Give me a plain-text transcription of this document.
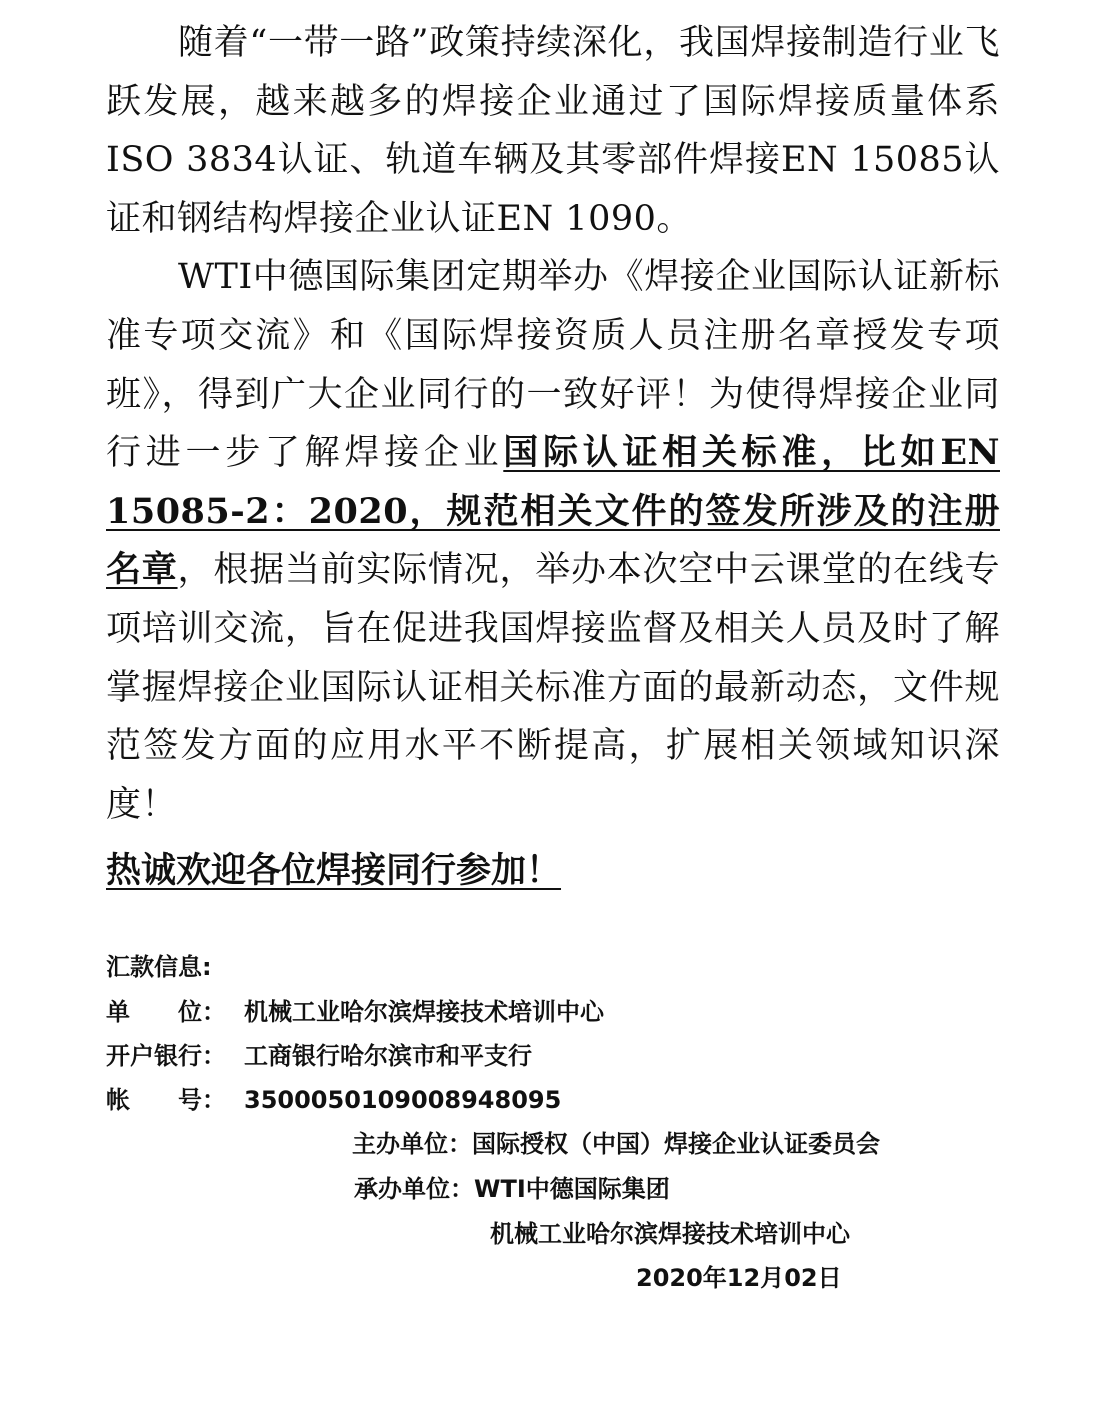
随着“一带一路”政策持续深化，我国焊接制造行业飞跃发展，越来越多的焊接企业通过了国际焊接质量体系ISO 3834认证、轨道车辆及其零部件焊接EN 15085认证和钢结构焊接企业认证EN 1090。

WTI中德国际集团定期举办《焊接企业国际认证新标准专项交流》和《国际焊接资质人员注册名章授发专项班》，得到广大企业同行的一致好评！为使得焊接企业同行进一步了解焊接企业国际认证相关标准，比如EN 15085-2：2020，规范相关文件的签发所涉及的注册名章，根据当前实际情况，举办本次空中云课堂的在线专项培训交流，旨在促进我国焊接监督及相关人员及时了解掌握焊接企业国际认证相关标准方面的最新动态，文件规范签发方面的应用水平不断提高，扩展相关领域知识深度！

热诚欢迎各位焊接同行参加！
汇款信息:
单　　位： 机械工业哈尔滨焊接技术培训中心
开户银行： 工商银行哈尔滨市和平支行
帐　　号： 3500050109008948095
主办单位：国际授权（中国）焊接企业认证委员会
承办单位：WTI中德国际集团
机械工业哈尔滨焊接技术培训中心
2020年12月02日
